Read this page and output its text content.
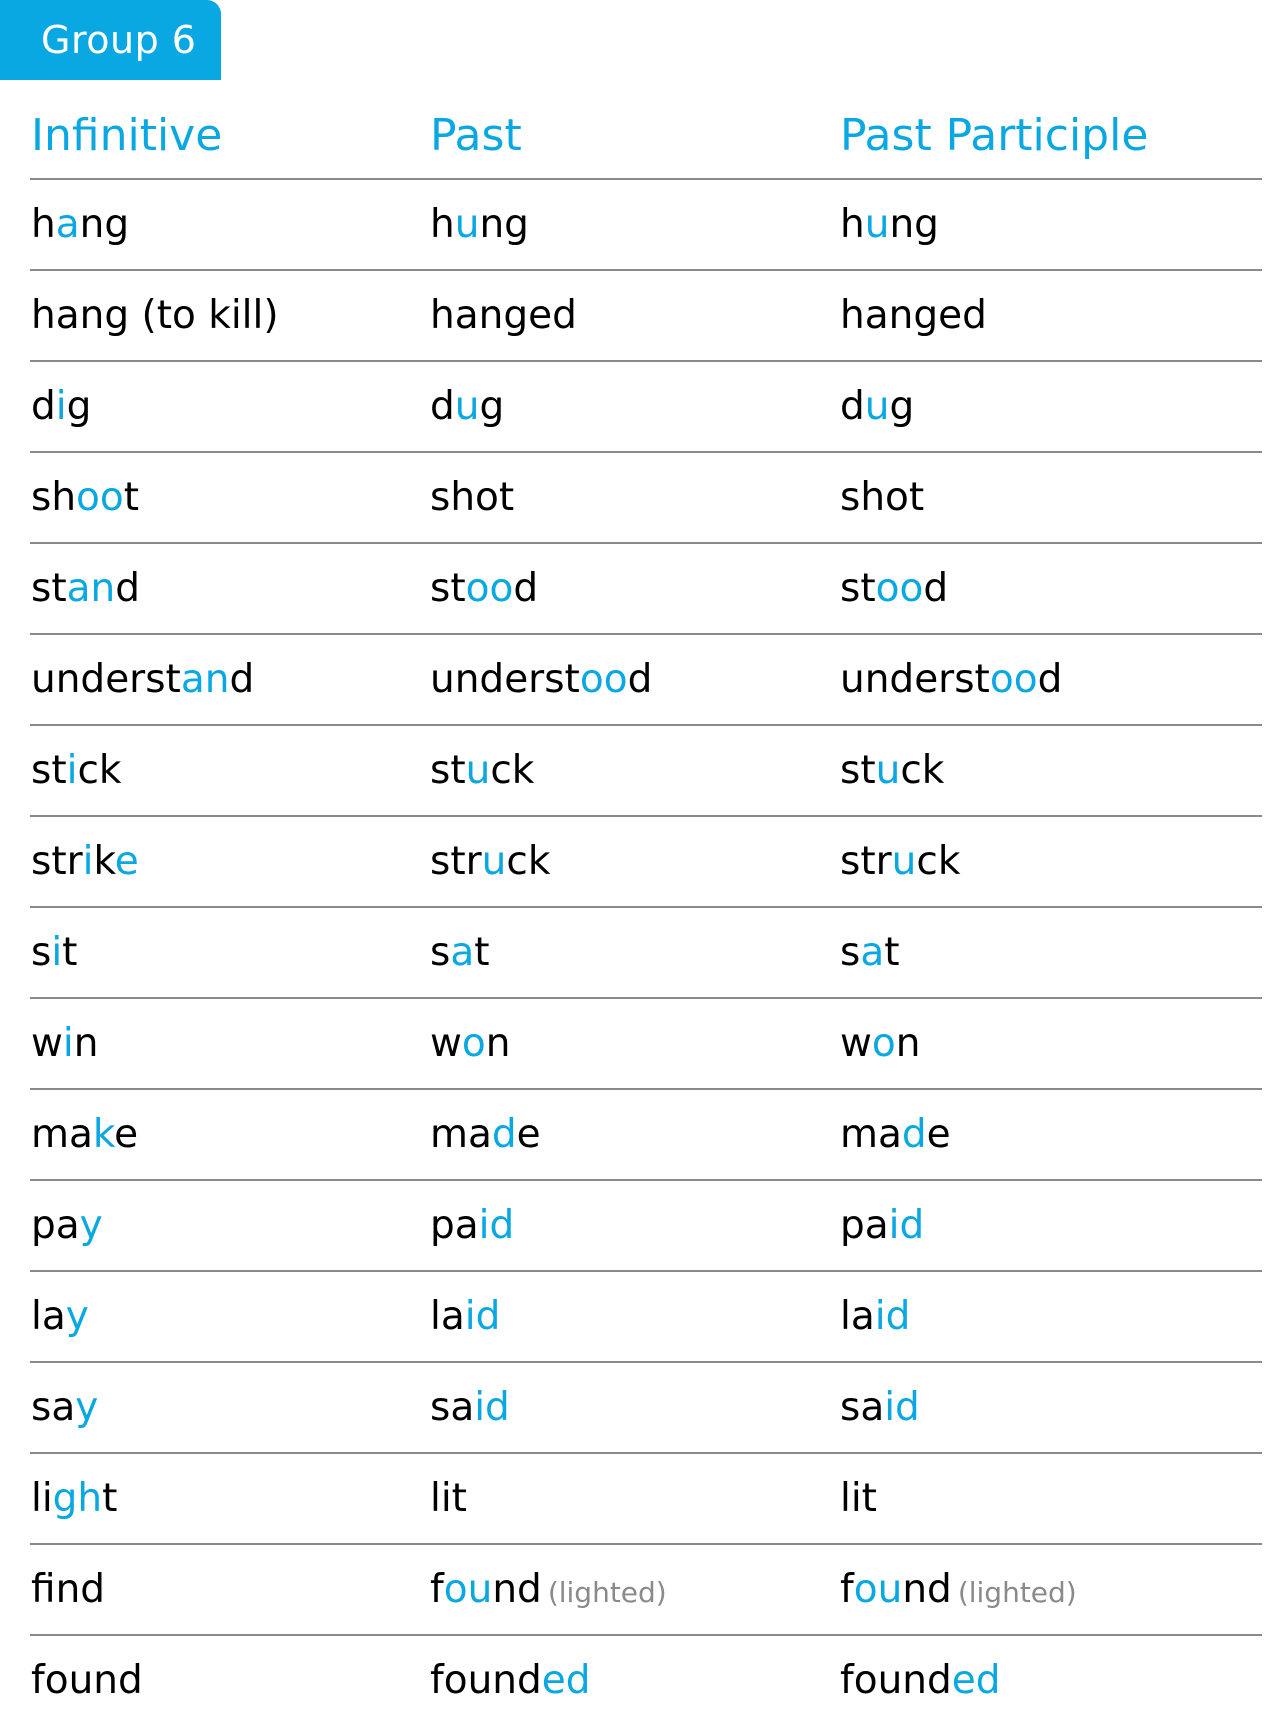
Group 6
Infinitive	Past	Past Participle
hang	hung	hung
hang (to kill)	hanged	hanged
dig	dug	dug
shoot	shot	shot
stand	stood	stood
understand	understood	understood
stick	stuck	stuck
strike	struck	struck
sit	sat	sat
win	won	won
make	made	made
pay	paid	paid
lay	laid	laid
say	said	said
light	lit	lit
fnd	found (lighted)	found (lighted)
found	founded	founded
